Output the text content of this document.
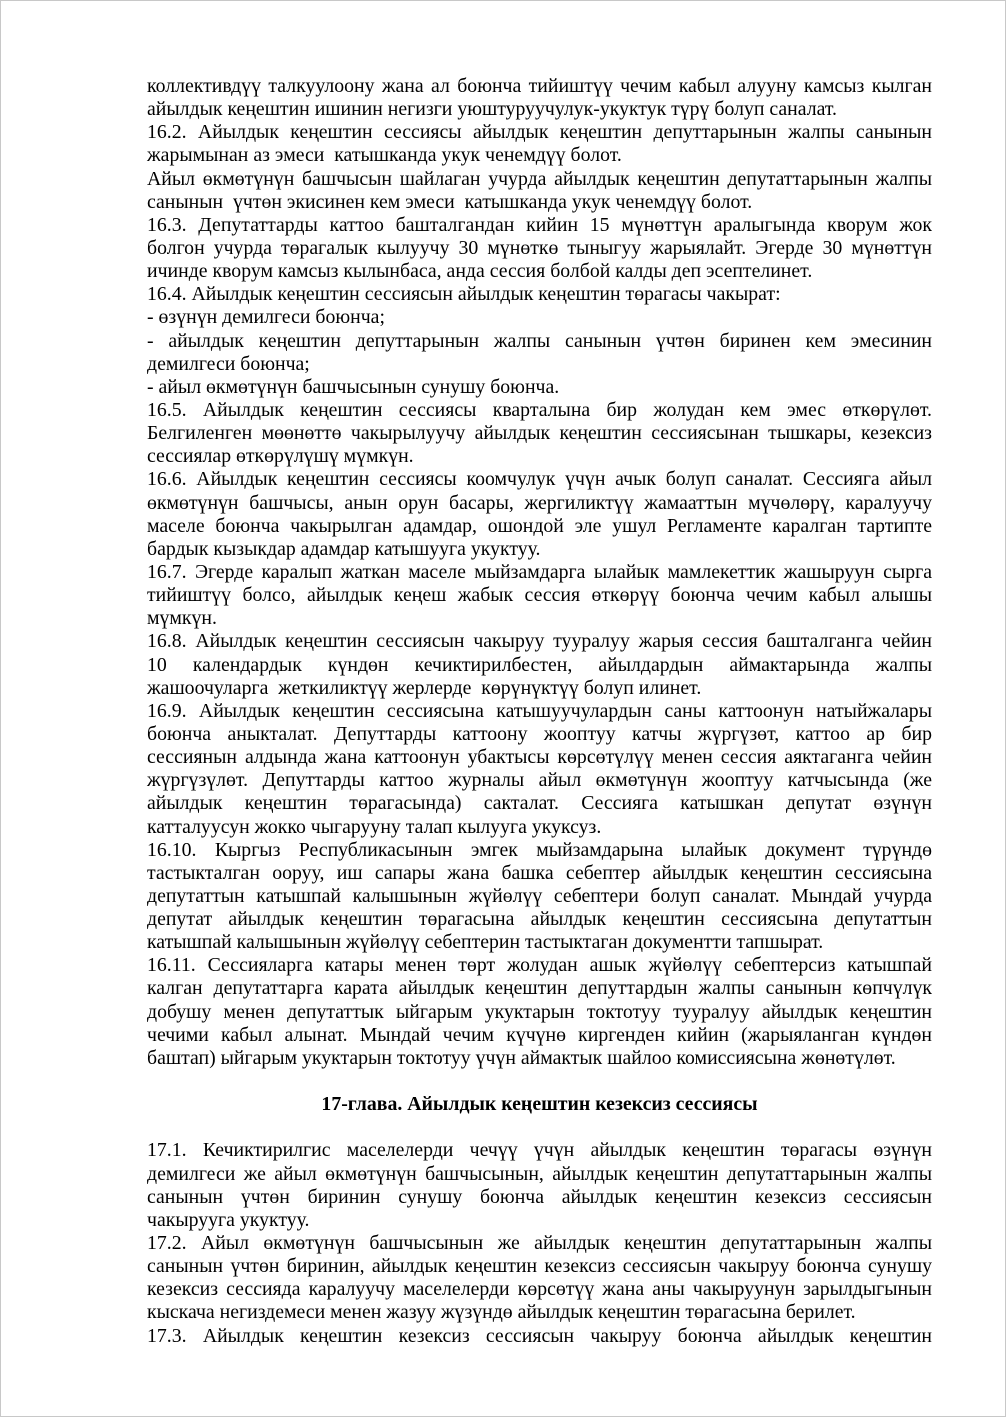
коллективдүү талкуулоону жана ал боюнча тийиштүү чечим кабыл алууну камсыз кылган
айылдык кеңештин ишинин негизги уюштуруучулук-укуктук түрү болуп саналат.
16.2. Айылдык кеңештин сессиясы айылдык кеңештин депуттарынын жалпы санынын
жарымынан аз эмеси  катышканда укук ченемдүү болот.
Айыл өкмөтүнүн башчысын шайлаган учурда айылдык кеңештин депутаттарынын жалпы
санынын  үчтөн экисинен кем эмеси  катышканда укук ченемдүү болот.
16.3. Депутаттарды каттоо башталгандан кийин 15 мүнөттүн аралыгында кворум жок
болгон учурда төрагалык кылуучу 30 мүнөткө тыныгуу жарыялайт. Эгерде 30 мүнөттүн
ичинде кворум камсыз кылынбаса, анда сессия болбой калды деп эсептелинет.
16.4. Айылдык кеңештин сессиясын айылдык кеңештин төрагасы чакырат:
- өзүнүн демилгеси боюнча;
- айылдык кеңештин депуттарынын жалпы санынын үчтөн биринен кем эмесинин
демилгеси боюнча;
- айыл өкмөтүнүн башчысынын сунушу боюнча.
16.5. Айылдык кеңештин сессиясы кварталына бир жолудан кем эмес өткөрүлөт.
Белгиленген мөөнөттө чакырылуучу айылдык кеңештин сессиясынан тышкары, кезексиз
сессиялар өткөрүлүшү мүмкүн.
16.6. Айылдык кеңештин сессиясы коомчулук үчүн ачык болуп саналат. Сессияга айыл
өкмөтүнүн башчысы, анын орун басары, жергиликтүү жамааттын мүчөлөрү, каралуучу
маселе боюнча чакырылган адамдар, ошондой эле ушул Регламенте каралган тартипте
бардык кызыкдар адамдар катышууга укуктуу.
16.7. Эгерде каралып жаткан маселе мыйзамдарга ылайык мамлекеттик жашыруун сырга
тийиштүү болсо, айылдык кеңеш жабык сессия өткөрүү боюнча чечим кабыл алышы
мүмкүн.
16.8. Айылдык кеңештин сессиясын чакыруу тууралуу жарыя сессия башталганга чейин
10 календардык күндөн кечиктирилбестен, айылдардын аймактарында жалпы
жашоочуларга  жеткиликтүү жерлерде  көрүнүктүү болуп илинет.
16.9. Айылдык кеңештин сессиясына катышуучулардын саны каттоонун натыйжалары
боюнча аныкталат. Депуттарды каттоону жооптуу катчы жүргүзөт, каттоо ар бир
сессиянын алдында жана каттоонун убактысы көрсөтүлүү менен сессия аяктаганга чейин
жүргүзүлөт. Депуттарды каттоо журналы айыл өкмөтүнүн жооптуу катчысында (же
айылдык кеңештин төрагасында) сакталат. Сессияга катышкан депутат өзүнүн
катталуусун жокко чыгарууну талап кылууга укуксуз.
16.10. Кыргыз Республикасынын эмгек мыйзамдарына ылайык документ түрүндө
тастыкталган ооруу, иш сапары жана башка себептер айылдык кеңештин сессиясына
депутаттын катышпай калышынын жүйөлүү себептери болуп саналат. Мындай учурда
депутат айылдык кеңештин төрагасына айылдык кеңештин сессиясына депутаттын
катышпай калышынын жүйөлүү себептерин тастыктаган документти тапшырат.
16.11. Сессияларга катары менен төрт жолудан ашык жүйөлүү себептерсиз катышпай
калган депутаттарга карата айылдык кеңештин депуттардын жалпы санынын көпчүлүк
добушу менен депутаттык ыйгарым укуктарын токтотуу тууралуу айылдык кеңештин
чечими кабыл алынат. Мындай чечим күчүнө киргенден кийин (жарыяланган күндөн
баштап) ыйгарым укуктарын токтотуу үчүн аймактык шайлоо комиссиясына жөнөтүлөт.
17-глава. Айылдык кеңештин кезексиз сессиясы
17.1. Кечиктирилгис маселелерди чечүү үчүн айылдык кеңештин төрагасы өзүнүн
демилгеси же айыл өкмөтүнүн башчысынын, айылдык кеңештин депутаттарынын жалпы
санынын үчтөн биринин сунушу боюнча айылдык кеңештин кезексиз сессиясын
чакырууга укуктуу.
17.2. Айыл өкмөтүнүн башчысынын же айылдык кеңештин депутаттарынын жалпы
санынын үчтөн биринин, айылдык кеңештин кезексиз сессиясын чакыруу боюнча сунушу
кезексиз сессияда каралуучу маселелерди көрсөтүү жана аны чакыруунун зарылдыгынын
кыскача негиздемеси менен жазуу жүзүндө айылдык кеңештин төрагасына берилет.
17.3. Айылдык кеңештин кезексиз сессиясын чакыруу боюнча айылдык кеңештин
